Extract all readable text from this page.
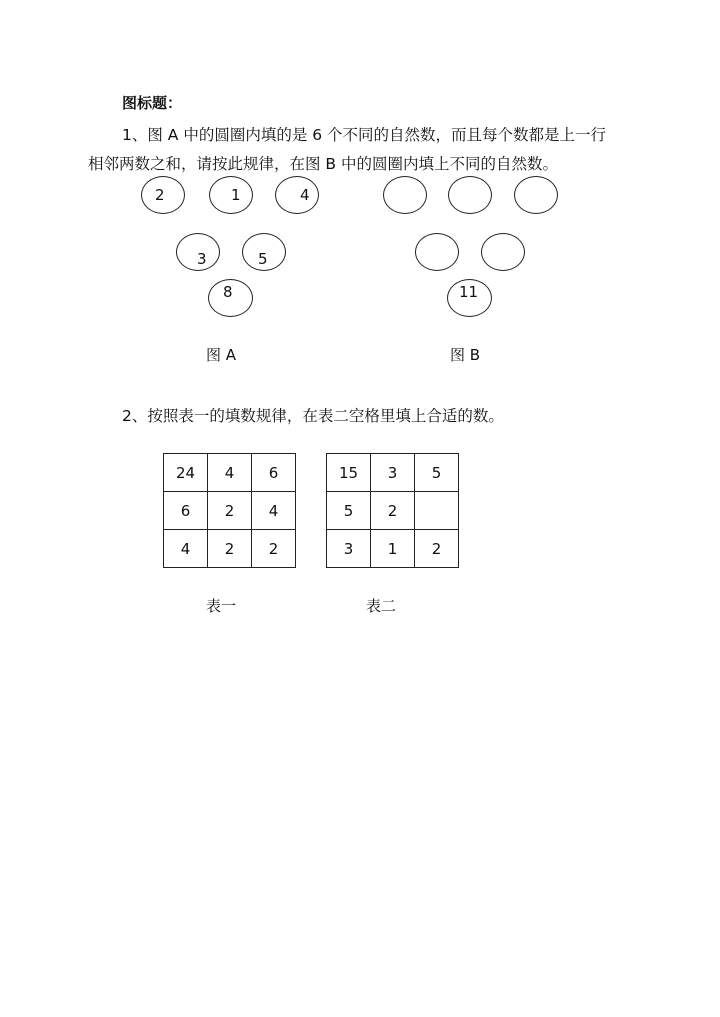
图标题：
1、图 A 中的圆圈内填的是 6 个不同的自然数，而且每个数都是上一行
相邻两数之和，请按此规律，在图 B 中的圆圈内填上不同的自然数。
2	1	4
3	5
8
图 A
11
图 B
2、按照表一的填数规律，在表二空格里填上合适的数。
24	4	6
6	2	4
4	2	2
表一
15	3	5
5	2	
3	1	2
表二
